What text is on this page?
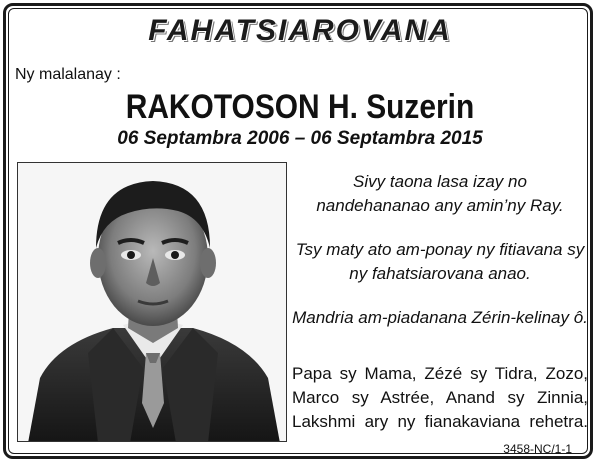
FAHATSIAROVANA
Ny malalanay :
RAKOTOSON H. Suzerin
06 Septambra 2006 – 06 Septambra 2015

Sivy taona lasa izay no
nandehananao any amin’ny Ray.

Tsy maty ato am-ponay ny fitiavana sy
ny fahatsiarovana anao.

Mandria am-piadanana Zérin-kelinay ô.

Papa sy Mama, Zézé sy Tidra, Zozo,
Marco sy Astrée, Anand sy Zinnia,
Lakshmi ary ny fianakaviana rehetra.
3458-NC/1-1
